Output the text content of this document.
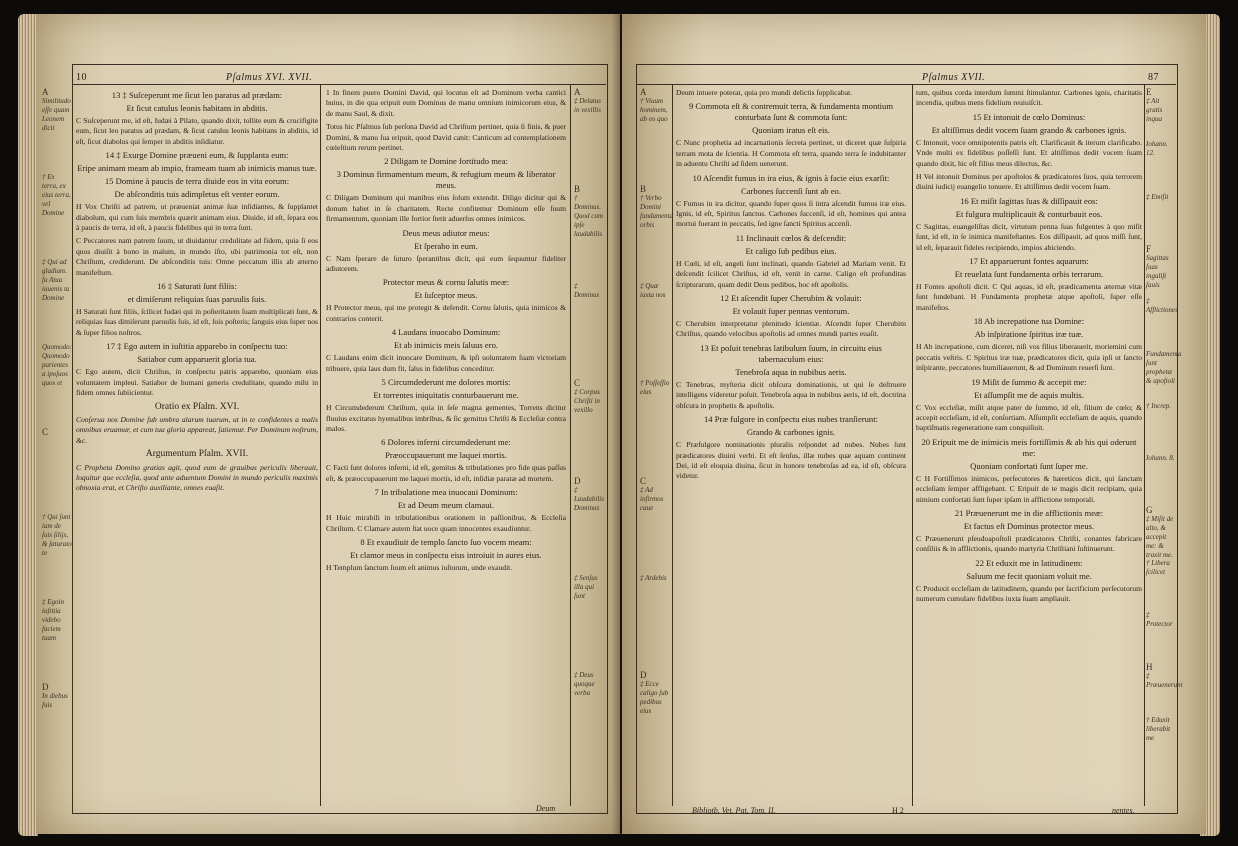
Pſalmus XVI. XVII.
10
A
Similitudo eſſe quam Leonem dicit
† Ex terra, ex eius terra, vel Domine
‡ Qui ad gladium. fa Atua iuuenis ta Domine
Quomodo: Quomodo parientes a ipoſuos quos et
C
† Qui ſunt iam de ſuis ſilijs, & ſaturato te
‡ Egoin iuſtitia videbo faciem tuam
D
In diebus ſuis

13 ‡ Suſceperunt me ſicut leo paratus ad prædam:

Et ſicut catulus leonis habitans in abditis.

C Suſceperunt me, id eſt, Iudæi à Pilato, quando dixit, tollite eum & crucifigite eum, ſicut leo paratus ad prædam, & ſicut catulus leonis habitans in abditis, id eſt, ſicut diabolus qui ſemper in abditis inſidiatur.

14 ‡ Exurge Domine præueni eum, & ſupplanta eum:

Eripe animam meam ab impio, frameam tuam ab inimicis manus tuæ.

15 Domine à paucis de terra diuide eos in vita eorum:

De abſconditis tuis adimpletus eſt venter eorum.

H Vox Chriſti ad patrem, ut præueniat animæ ſuæ inſidiantes, & ſupplantet diabolum, qui cum ſuis membris quærit animam eius. Diuide, id eſt, ſepara eos à paucis de terra, id eſt, à paucis fidelibus qui in terra ſunt.

C Peccatores nam patrem ſuum, ut diuidantur credulitate ad fidem, quia ſi eos quos diuiſit à bono in malum, in mundo iſto, ubi patrimonia tot eſt, non Chriſtum, crediderunt. De abſconditis tuis: Omne peccatum illis ab æterno manifeſtum.

16 ‡ Saturati ſunt filiis:

et dimiſerunt reliquias ſuas paruulis ſuis.

H Saturati ſunt filiis, ſcilicet Iudæi qui in poſteritatem ſuam multiplicati ſunt, & reliquias ſuas dimiſerunt paruulis ſuis, id eſt, ſuis poſteris; ſanguis eius ſuper nos & ſuper filios noſtros.

17 ‡ Ego autem in iuſtitia apparebo in conſpectu tuo:

Satiabor cum apparuerit gloria tua.

C Ego autem, dicit Chriſtus, in conſpectu patris apparebo, quoniam eius voluntatem impleui. Satiabor de humani generis credulitate, quando mihi in fidem omnes ſubiicientur.

Oratio ex Pſalm. XVI.

Conſerua nos Domine ſub umbra alarum tuarum, ut in te confidentes a malis omnibus eruamur, et cum tua gloria appareat, ſatiemur. Per Dominum noſtrum, &c.

Argumentum Pſalm. XVII.

C Propheta Domino gratias agit, quod eum de grauibus periculis liberauit, loquitur que eccleſia, quod ante aduentum Domini in mundo periculis maximis obnoxia erat, et Chriſto auxiliante, omnes euaſit.

1 In finem puero Domini David, qui locutus eſt ad Dominum verba cantici huius, in die qua eripuit eum Dominus de manu omnium inimicorum eius, & de manu Saul, & dixit.

Totus hic Pſalmus ſub perſona David ad Chriſtum pertinet, quia ſi finis, & puer Domini, & manu ſua eripuit, quod David canit: Canticum ad contemplationem cœleſtium rerum pertinet.

2 Diligam te Domine fortitudo mea:

3 Dominus firmamentum meum, & refugium meum & liberator meus.

C Diligam Dominum qui manibus eius ſolum extendit. Diligo dicitur qui & donum habet in ſe charitatem. Recte confitemur Dominum eſſe ſuum firmamentum, quoniam ille fortior ſtetit aduerſus omnes inimicos.

Deus meus adiutor meus:

Et ſperabo in eum.

C Nam ſperare de ſuturo ſperantibus dicit, qui eum ſequuntur fideliter adiutorem.

Protector meus & cornu ſalutis meæ:

Et ſuſceptor meus.

H Protector meus, qui me protegit & defendit. Cornu ſalutis, quia inimicos & contrarios conterit.

4 Laudans inuocabo Dominum:

Et ab inimicis meis ſaluus ero.

C Laudans enim dicit inuocare Dominum, & ipſi uoluntatem ſuam victoriam tribuere, quia laus dum fit, ſalus in fidelibus conceditur.

5 Circumdederunt me dolores mortis:

Et torrentes iniquitatis conturbauerunt me.

H Circumdederunt Chriſtum, quia in ſeſe magna gementes, Torrens dicitur fluuius excitatus hyemalibus imbribus, & ſic gemitus Chriſti & Eccleſiæ contra malos.

6 Dolores inferni circumdederunt me:

Præoccupauerunt me laquei mortis.

C Facti ſunt dolores inferni, id eſt, gemitus & tribulationes pro fide quas paſſus eſt, & præoccupauerunt me laquei mortis, id eſt, inſidiæ paratæ ad mortem.

7 In tribulatione mea inuocaui Dominum:

Et ad Deum meum clamaui.

H Huic mirabili in tribulationibus orationem in paſſionibus, & Eccleſia Chriſtum. C Clamare autem ſtat uoce quam innocentes exaudiuntur.

8 Et exaudiuit de templo ſancto ſuo vocem meam:

Et clamor meus in conſpectu eius introiuit in aures eius.

H Templum ſanctum ſuum eſt animus iuſtorum, unde exaudit.

A
‡ Delatus in vexillis
B
† Dominus. Quod cum ipſe laudabilis
‡ Dominus
C
‡ Corpus Chriſti in vexillo
D
‡ Laudabilis Dominus
‡ Senſus illa qui ſunt
‡ Deus quoque verba
Deum
Pſalmus XVII.	87
A
† Viuum hominem, ab eo quo
B
† Verbo Domini fundamenta orbis
‡ Quæ iuxta nos
† Poſſeſſio eius
C
‡ Ad infirmos caue
‡ Ardebis
D
‡ Ecce caligo ſub pedibus eius

Deum intuere poterat, quia pro mundi delictis ſupplicabat.

9 Commota eſt & contremuit terra, & fundamenta montium conturbata ſunt & commota ſunt:

Quoniam iratus eſt eis.

C Nunc prophetia ad incarnationis ſecreta pertinet, ut diceret quæ ſuſpiria terram mota de ſcientia. H Commota eſt terra, quando terra ſe indubitanter in aduentu Chriſti ad ſidem uenerunt.

10 Aſcendit fumus in ira eius, & ignis à facie eius exarſit:

Carbones ſuccenſi ſunt ab eo.

C Fumus in ira dicitur, quando ſuper quos ſi intra aſcendit fumus iræ eius. Ignis, id eſt, Spiritus ſanctus. Carbones ſuccenſi, id eſt, homines qui antea mortui fuerant in peccatis, ſed igne ſancti Spiritus accenſi.

11 Inclinauit cœlos & deſcendit:

Et caligo ſub pedibus eius.

H Cœli, id eſt, angeli ſunt inclinati, quando Gabriel ad Mariam venit. Et deſcendit ſcilicet Chriſtus, id eſt, venit in carne. Caligo eſt profunditas ſcripturarum, quam dedit Deus pedibus, hoc eſt apoſtolis.

12 Et aſcendit ſuper Cherubim & volauit:

Et volauit ſuper pennas ventorum.

C Cherubim interpretatur plenitudo ſcientiæ. Aſcendit ſuper Cherubim Chriſtus, quando velocibus apoſtolis ad omnes mundi partes euaſit.

13 Et poſuit tenebras latibulum ſuum, in circuitu eius tabernaculum eius:

Tenebroſa aqua in nubibus aeris.

C Tenebras, myſteria dicit obſcura dominationis, ut qui ſe deſtruere intelligens videretur poſuit. Tenebroſa aqua in nubibus aeris, id eſt, doctrina obſcura in prophetis & apoſtolis.

14 Præ fulgore in conſpectu eius nubes tranſierunt:

Grando & carbones ignis.

C Præfulgore nominationis pluralis reſpondet ad nubes. Nubes ſunt prædicatores diuini verbi. Et eſt ſenſus, illæ nubes quæ aquam continent Dei, id eſt eloquia diuina, ſicut in honore tenebroſas ad ea, id eſt, obſcura videtur.

Bibliotb. Vet. Pat. Tom. II.	H 2

tum, quibus corda interdum ſummi ſtimulantur. Carbones ignis, charitatis incendia, quibus mens fidelium reuiuiſcit.

15 Et intonuit de cœlo Dominus:

Et altiſſimus dedit vocem ſuam grando & carbones ignis.

C Intonuit, voce omnipotentis patris eſt. Clarificauit & iterum clarificabo. Vnde multi ex fidelibus poſſeſſi ſunt. Et altiſſimus dedit vocem ſuam quando dixit, hic eſt filius meus dilectus, &c.

H Vel intonuit Dominus per apoſtolos & prædicatores ſuos, quia terrorem diuini iudicij euangelio tonuere. Et altiſſimus dedit vocem ſuam.

16 Et miſit ſagittas ſuas & diſſipauit eos:

Et fulgura multiplicauit & conturbauit eos.

C Sagittas, euangeliſtas dicit, virtutum penna ſuas fulgentes à quo miſit ſunt, id eſt, in ſe inimica manifeſtantes. Eos diſſipauit, ad quos miſſi ſunt, id eſt, ſeparauit fideles recipiendo, impios abiciendo.

17 Et apparuerunt fontes aquarum:

Et reuelata ſunt fundamenta orbis terrarum.

H Fontes apoſtoli dicit. C Qui aquas, id eſt, prædicamenta æternæ vitæ ſunt fundebant. H Fundamenta prophetæ atque apoſtoli, ſuper eſſe manifeſtos.

18 Ab increpatione tua Domine:

Ab inſpiratione ſpiritus iræ tuæ.

H Ab increpatione, cum diceret, niſi vos filius liberauerit, moriemini cum peccatis veſtris. C Spiritus iræ tuæ, prædicatores dicit, quia ipſi ut ſancto inſpirante, peccatores humiliauerunt, & ad Dominum reuerſi ſunt.

19 Miſit de ſummo & accepit me:

Et aſſumpſit me de aquis multis.

C Vox eccleſiæ, miſit atque pater de ſummo, id eſt, filium de cœlo; & accepit eccleſiam, id eſt, conſortiam. Aſſumpſit eccleſiam de aquis, quando baptiſmatis regeneratione eam conquiſiuit.

20 Eripuit me de inimicis meis fortiſſimis & ab his qui oderunt me:

Quoniam confortati ſunt ſuper me.

C H Fortiſſimos inimicos, perſecutores & hæreticos dicit, qui ſanctam eccleſiam ſemper affligebant. C Eripuit de te magis dicit recipiam, quia nimium confortati ſunt ſuper ipſam in afflictione temporali.

21 Præuenerunt me in die afflictionis meæ:

Et factus eſt Dominus protector meus.

C Præuenerunt pſeudoapoſtoli prædicatores Chriſti, conantes fabricare conſiliis & in afflictionis, quando martyria Chriſtiani ſuſtinuerunt.

22 Et eduxit me in latitudinem:

Saluum me fecit quoniam voluit me.

C Produxit eccleſiam de latitudinem, quando per ſacrificium perſecutorum numerum cumulare fidelibus iuxta ſuam ampliauit.

nentes.
E
‡ Ait gratis inqua
Iohann. 12.
‡ Emiſit
F
Sagittas ſuas inguliſt ſauis
‡ Afflictiones
Fundamenta ſunt prophetæ & apoſtoli
† Increp.
Iohann. 8.
G
‡ Miſit de alto, & accepit me: & traxit me.
† Libera ſcilicet
‡ Protector
H
‡ Præuenerunt
† Eduxit liberabit me
